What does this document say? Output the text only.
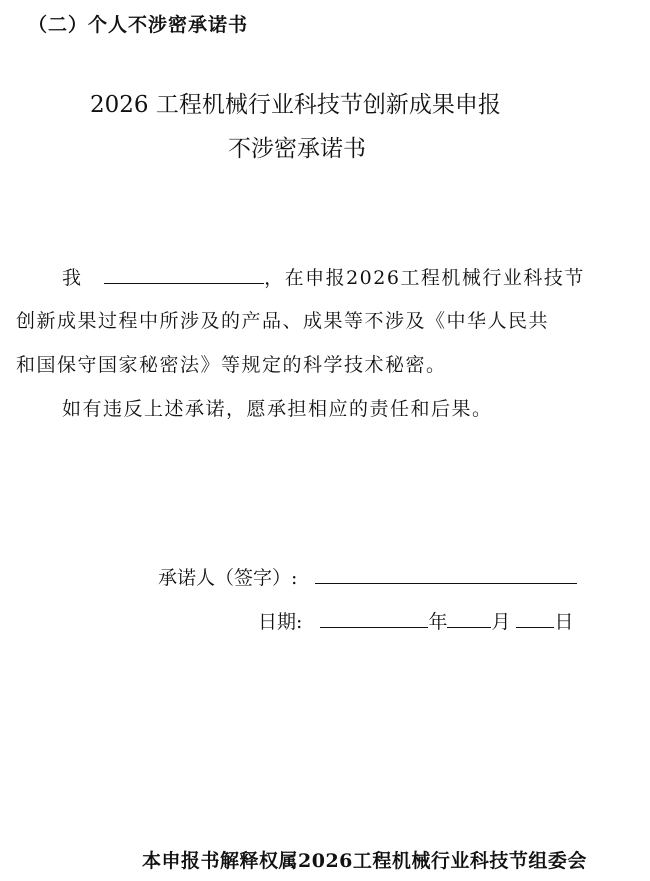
（二）个人不涉密承诺书
2026 工程机械行业科技节创新成果申报
不涉密承诺书
我	，在申报2026工程机械行业科技节
创新成果过程中所涉及的产品、成果等不涉及《中华人民共
和国保守国家秘密法》等规定的科学技术秘密。
如有违反上述承诺，愿承担相应的责任和后果。
承诺人（签字）:
日期:	年 月 日
本申报书解释权属2026工程机械行业科技节组委会
